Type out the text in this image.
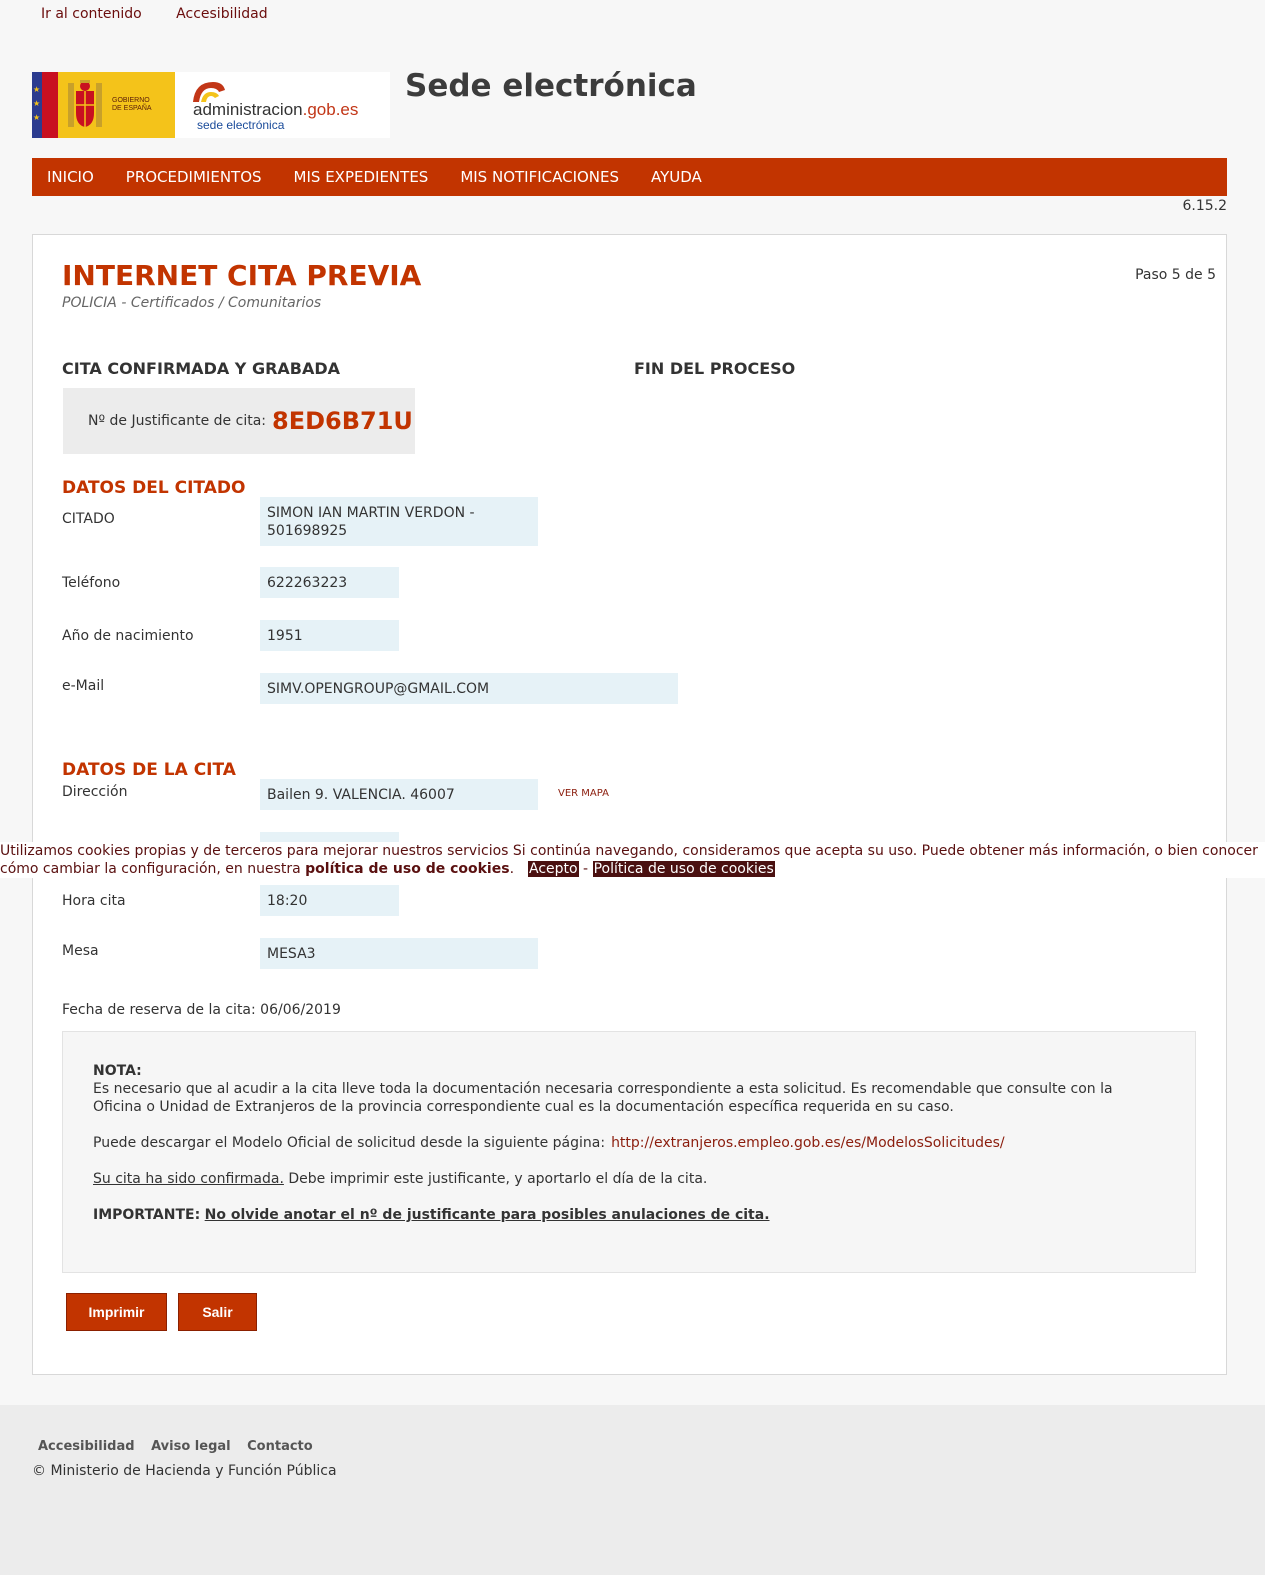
Ir al contenido Accesibilidad
★
★
★
GOBIERNO
DE ESPAÑA administracion.gob.es
sede electrónica
Sede electrónica
INICIO PROCEDIMIENTOS MIS EXPEDIENTES MIS NOTIFICACIONES AYUDA
6.15.2
INTERNET CITA PREVIA
POLICIA - Certificados / Comunitarios
Paso 5 de 5
CITA CONFIRMADA Y GRABADA	FIN DEL PROCESO
Nº de Justificante de cita: 8ED6B71U
DATOS DEL CITADO
CITADO	SIMON IAN MARTIN VERDON - 501698925
Teléfono	622263223
Año de nacimiento	1951
e-Mail	SIMV.OPENGROUP@GMAIL.COM
DATOS DE LA CITA
Dirección	Bailen 9. VALENCIA. 46007	VER MAPA
Hora cita	18:20
Mesa	MESA3
Fecha de reserva de la cita: 06/06/2019
NOTA:

Es necesario que al acudir a la cita lleve toda la documentación necesaria correspondiente a esta solicitud. Es recomendable que consulte con la Oficina o Unidad de Extranjeros de la provincia correspondiente cual es la documentación específica requerida en su caso.

Puede descargar el Modelo Oficial de solicitud desde la siguiente página: http://extranjeros.empleo.gob.es/es/ModelosSolicitudes/

Su cita ha sido confirmada. Debe imprimir este justificante, y aportarlo el día de la cita.

IMPORTANTE: No olvide anotar el nº de justificante para posibles anulaciones de cita.

Imprimir	Salir
Utilizamos cookies propias y de terceros para mejorar nuestros servicios Si continúa navegando, consideramos que acepta su uso. Puede obtener más información, o bien conocer cómo cambiar la configuración, en nuestra política de uso de cookies. Acepto - Política de uso de cookies
Accesibilidad Aviso legal Contacto
© Ministerio de Hacienda y Función Pública
